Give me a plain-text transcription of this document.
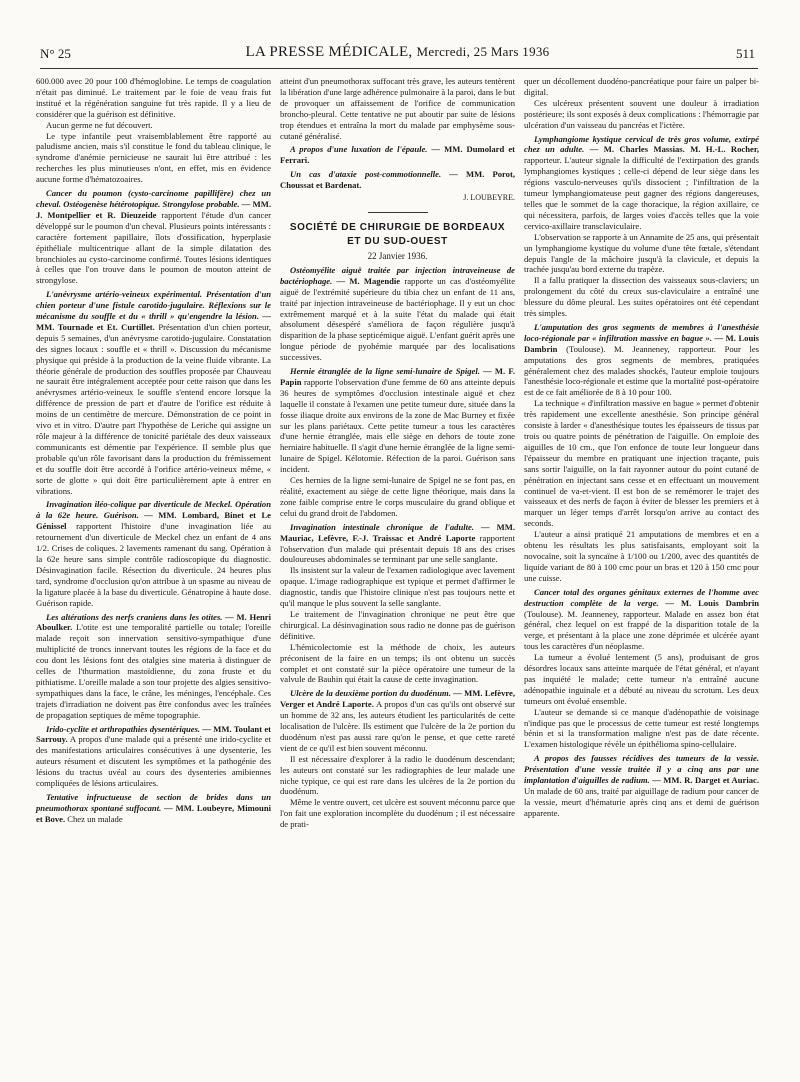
N° 25	LA PRESSE MÉDICALE, Mercredi, 25 Mars 1936	511

600.000 avec 20 pour 100 d'hémoglobine. Le temps de coagulation n'était pas diminué. Le traitement par le foie de veau frais fut institué et la régénération sanguine fut très rapide. Il y a lieu de considérer que la guérison est définitive.

Aucun germe ne fut découvert.

Le type infantile peut vraisemblablement être rapporté au paludisme ancien, mais s'il constitue le fond du tableau clinique, le syndrome d'anémie pernicieuse ne saurait lui être attribué : les recherches les plus minutieuses n'ont, en effet, mis en évidence aucune forme d'hématozoaires.

Cancer du poumon (cysto-carcinome papillifère) chez un cheval. Ostéogenèse hétérotopique. Strongylose probable. — MM. J. Montpellier et R. Dieuzeide rapportent l'étude d'un cancer développé sur le poumon d'un cheval. Plusieurs points intéressants : caractère fortement papillaire, îlots d'ossification, hyperplasie épithéliale multicentrique allant de la simple dilatation des bronchioles au cysto-carcinome confirmé. Toutes lésions identiques à celles que l'on trouve dans le poumon de mouton atteint de strongylose.

L'anévrysme artério-veineux expérimental. Présentation d'un chien porteur d'une fistule carotido-jugulaire. Réflexions sur le mécanisme du souffle et du « thrill » qu'engendre la lésion. — MM. Tournade et Et. Curtillet. Présentation d'un chien porteur, depuis 5 semaines, d'un anévrysme carotido-jugulaire. Constatation des signes locaux : souffle et « thrill ». Discussion du mécanisme physique qui préside à la production de la veine fluide vibrante. La théorie générale de production des souffles proposée par Chauveau ne saurait être intégralement acceptée pour cette raison que dans les anévrysmes artério-veineux le souffle s'entend encore lorsque la différence de pression de part et d'autre de l'orifice est réduite à moins de un centimètre de mercure. Démonstration de ce point in vivo et in vitro. D'autre part l'hypothèse de Leriche qui assigne un rôle majeur à la différence de tonicité pariétale des deux vaisseaux communicants est démentie par l'expérience. Il semble plus que probable qu'un rôle favorisant dans la production du frémissement et du souffle doit être accordé à l'orifice artério-veineux même, « sorte de glotte » qui doit être particulièrement apte à entrer en vibrations.

Invagination iléo-colique par diverticule de Meckel. Opération à la 62e heure. Guérison. — MM. Lombard, Binet et Le Génissel rapportent l'histoire d'une invagination liée au retournement d'un diverticule de Meckel chez un enfant de 4 ans 1/2. Crises de coliques. 2 lavements ramenant du sang. Opération à la 62e heure sans simple contrôle radioscopique du diagnostic. Désinvagination facile. Résection du diverticule. 24 heures plus tard, syndrome d'occlusion qu'on attribue à un spasme au niveau de la ligature placée à la base du diverticule. Génatropine à haute dose. Guérison rapide.

Les altérations des nerfs craniens dans les otites. — M. Henri Aboulker. L'otite est une temporalité partielle ou totale; l'oreille malade reçoit son innervation sensitivo-sympathique d'une multiplicité de troncs innervant toutes les régions de la face et du cou dont les lésions font des otalgies sine materia à distinguer de celles de l'thurmation mastoïdienne, du zona fruste et du pithiatisme. L'oreille malade a son tour projette des algies sensitivo-sympathiques dans la face, le crâne, les méninges, l'encéphale. Ces trajets d'irradiation ne doivent pas être confondus avec les traînées de propagation septiques de même topographie.

Irido-cyclite et arthropathies dysentériques. — MM. Toulant et Sarrouy. A propos d'une malade qui a présenté une irido-cyclite et des manifestations articulaires consécutives à une dysenterie, les auteurs résument et discutent les symptômes et la pathogénie des lésions du tractus uvéal au cours des dysenteries amibiennes compliquées de lésions articulaires.

Tentative infructueuse de section de brides dans un pneumothorax spontané suffocant. — MM. Loubeyre, Mimouni et Bove. Chez un malade

atteint d'un pneumothorax suffocant très grave, les auteurs tentèrent la libération d'une large adhérence pulmonaire à la paroi, dans le but de provoquer un affaissement de l'orifice de communication broncho-pleural. Cette tentative ne put aboutir par suite de lésions trop étendues et entraîna la mort du malade par emphysème sous-cutané généralisé.

A propos d'une luxation de l'épaule. — MM. Dumolard et Ferrari.

Un cas d'ataxie post-commotionnelle. — MM. Porot, Choussat et Bardenat.

J. LOUBEYRE.

SOCIÉTÉ DE CHIRURGIE DE BORDEAUX
ET DU SUD-OUEST
22 Janvier 1936.

Ostéomyélite aiguë traitée par injection intraveineuse de bactériophage. — M. Magendie rapporte un cas d'ostéomyélite aiguë de l'extrémité supérieure du tibia chez un enfant de 11 ans, traité par injection intraveineuse de bactériophage. Il y eut un choc extrêmement marqué et à la suite l'état du malade qui était absolument désespéré s'améliora de façon régulière jusqu'à disparition de la phase septicémique aiguë. L'enfant guérit après une longue période de pyohémie marquée par des localisations successives.

Hernie étranglée de la ligne semi-lunaire de Spigel. — M. F. Papin rapporte l'observation d'une femme de 60 ans atteinte depuis 36 heures de symptômes d'occlusion intestinale aiguë et chez laquelle il constate à l'examen une petite tumeur dure, située dans la fosse iliaque droite aux environs de la zone de Mac Burney et fixée sur les plans pariétaux. Cette petite tumeur a tous les caractères d'une hernie étranglée, mais elle siège en dehors de toute zone herniaire habituelle. Il s'agit d'une hernie étranglée de la ligne semi-lunaire de Spigel. Kélotomie. Réfection de la paroi. Guérison sans incident.

Ces hernies de la ligne semi-lunaire de Spigel ne se font pas, en réalité, exactement au siège de cette ligne théorique, mais dans la zone faible comprise entre le corps musculaire du grand oblique et celui du grand droit de l'abdomen.

Invagination intestinale chronique de l'adulte. — MM. Mauriac, Lefèvre, F.-J. Traissac et André Laporte rapportent l'observation d'un malade qui présentait depuis 18 ans des crises douloureuses abdominales se terminant par une selle sanglante.

Ils insistent sur la valeur de l'examen radiologique avec lavement opaque. L'image radiographique est typique et permet d'affirmer le diagnostic, tandis que l'histoire clinique n'est pas toujours nette et qu'il manque le plus souvent la selle sanglante.

Le traitement de l'invagination chronique ne peut être que chirurgical. La désinvagination sous radio ne donne pas de guérison définitive.

L'hémicolectomie est la méthode de choix, les auteurs préconisent de la faire en un temps; ils ont obtenu un succès complet et ont constaté sur la pièce opératoire une tumeur de la valvule de Bauhin qui était la cause de cette invagination.

Ulcère de la deuxième portion du duodénum. — MM. Lefèvre, Verger et André Laporte. A propos d'un cas qu'ils ont observé sur un homme de 32 ans, les auteurs étudient les particularités de cette localisation de l'ulcère. Ils estiment que l'ulcère de la 2e portion du duodénum n'est pas aussi rare qu'on le pense, et que cette rareté vient de ce qu'il est bien souvent méconnu.

Il est nécessaire d'explorer à la radio le duodénum descendant; les auteurs ont constaté sur les radiographies de leur malade une niche typique, ce qui est rare dans les ulcères de la 2e portion du duodénum.

Même le ventre ouvert, cet ulcère est souvent méconnu parce que l'on fait une exploration incomplète du duodénum ; il est nécessaire de prati-

quer un décollement duodéno-pancréatique pour faire un palper bi-digital.

Ces ulcéreux présentent souvent une douleur à irradiation postérieure; ils sont exposés à deux complications : l'hémorragie par ulcération d'un vaisseau du pancréas et l'ictère.

Lymphangiome kystique cervical de très gros volume, extirpé chez un adulte. — M. Charles Massias. M. H.-L. Rocher, rapporteur. L'auteur signale la difficulté de l'extirpation des grands lymphangiomes kystiques ; celle-ci dépend de leur siège dans les régions vasculo-nerveuses qu'ils dissocient ; l'infiltration de la tumeur lymphangiomateuse peut gagner des régions dangereuses, telles que le sommet de la cage thoracique, la région axillaire, ce qui nécessitera, parfois, de larges voies d'accès telles que la voie cervico-axillaire transclaviculaire.

L'observation se rapporte à un Annamite de 25 ans, qui présentait un lymphangiome kystique du volume d'une tête fœtale, s'étendant depuis l'angle de la mâchoire jusqu'à la clavicule, et depuis la trachée jusqu'au bord externe du trapèze.

Il a fallu pratiquer la dissection des vaisseaux sous-claviers; un prolongement du côté du creux sus-claviculaire a entraîné une blessure du dôme pleural. Les suites opératoires ont été cependant très simples.

L'amputation des gros segments de membres à l'anesthésie loco-régionale par « infiltration massive en bague ». — M. Louis Dambrin (Toulouse). M. Jeanneney, rapporteur. Pour les amputations des gros segments de membres, pratiquées généralement chez des malades shockés, l'auteur emploie toujours l'anesthésie loco-régionale et estime que la mortalité post-opératoire est de ce fait améliorée de 8 à 10 pour 100.

La technique « d'infiltration massive en bague » permet d'obtenir très rapidement une excellente anesthésie. Son principe général consiste à larder « d'anesthésique toutes les épaisseurs de tissus par trois ou quatre points de pénétration de l'aiguille. On emploie des aiguilles de 10 cm., que l'on enfonce de toute leur longueur dans l'épaisseur du membre en pratiquant une injection traçante, puis sans sortir l'aiguille, on la fait rayonner autour du point cutané de pénétration en injectant sans cesse et en effectuant un mouvement continuel de va-et-vient. Il est bon de se remémorer le trajet des vaisseaux et des nerfs de façon à éviter de blesser les premiers et à marquer un léger temps d'arrêt lorsqu'on arrive au contact des seconds.

L'auteur a ainsi pratiqué 21 amputations de membres et en a obtenu les résultats les plus satisfaisants, employant soit la novocaïne, soit la syncaïne à 1/100 ou 1/200, avec des quantités de liquide variant de 80 à 100 cmc pour un bras et 120 à 150 cmc pour une cuisse.

Cancer total des organes génitaux externes de l'homme avec destruction complète de la verge. — M. Louis Dambrin (Toulouse). M. Jeanneney, rapporteur. Malade en assez bon état général, chez lequel on est frappé de la disparition totale de la verge, et présentant à la place une zone déprimée et ulcérée ayant tous les caractères d'un néoplasme.

La tumeur a évolué lentement (5 ans), produisant de gros désordres locaux sans atteinte marquée de l'état général, et n'ayant pas inquiété le malade; cette tumeur n'a entraîné aucune adénopathie inguinale et a débuté au niveau du scrotum. Les deux tumeurs ont évolué ensemble.

L'auteur se demande si ce manque d'adénopathie de voisinage n'indique pas que le processus de cette tumeur est resté longtemps bénin et si la transformation maligne n'est pas de date récente. L'examen histologique révèle un épithélioma spino-cellulaire.

A propos des fausses récidives des tumeurs de la vessie. Présentation d'une vessie traitée il y a cinq ans par une implantation d'aiguilles de radium. — MM. R. Darget et Auriac. Un malade de 60 ans, traité par aiguillage de radium pour cancer de la vessie, meurt d'hématurie après cinq ans et demi de guérison apparente.
